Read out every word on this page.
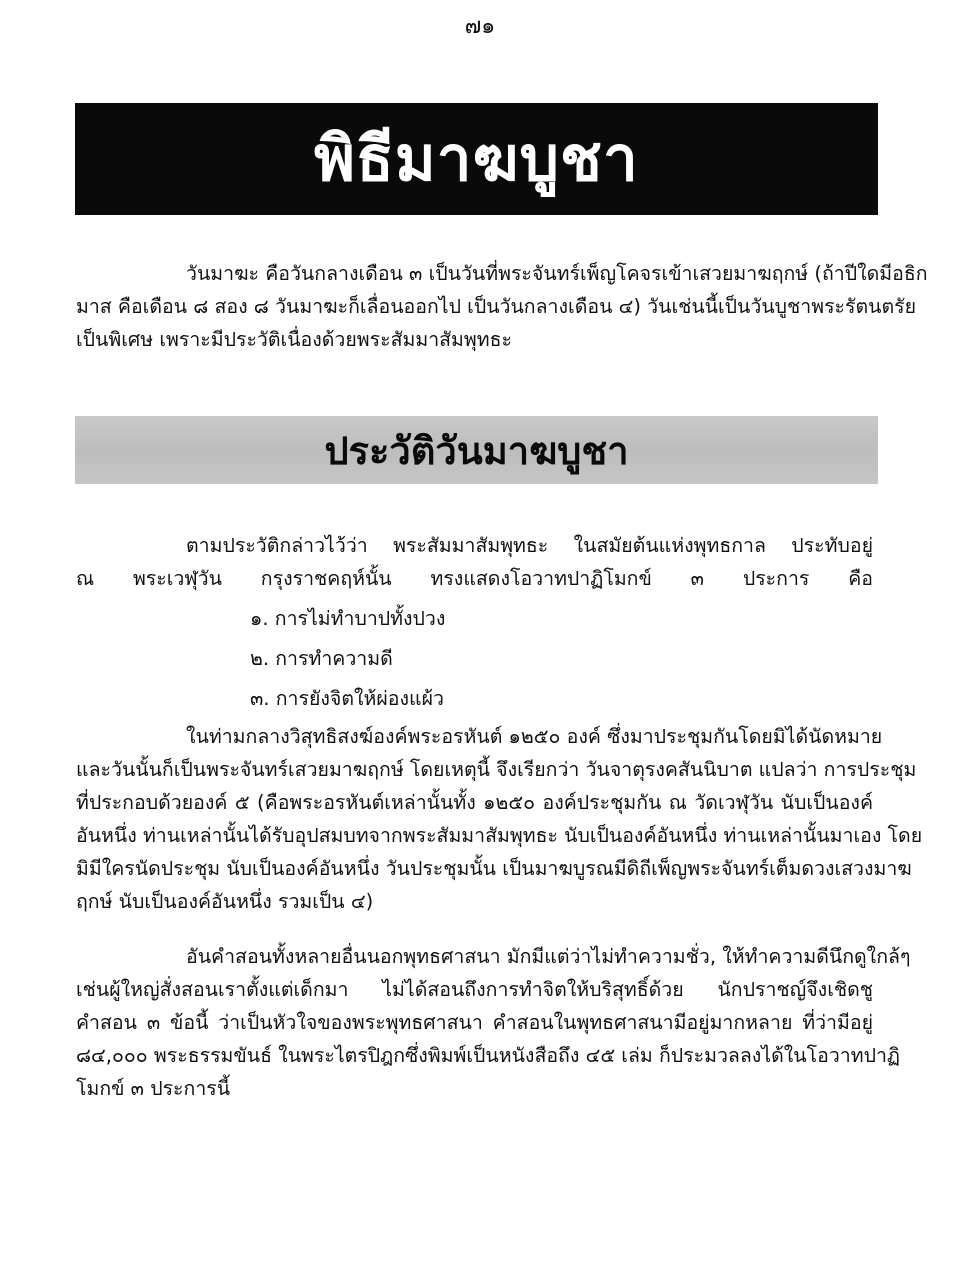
๗๑
พิธีมาฆบูชา
วันมาฆะ คือวันกลางเดือน ๓ เป็นวันที่พระจันทร์เพ็ญโคจรเข้าเสวยมาฆฤกษ์ (ถ้าปีใดมีอธิก
มาส คือเดือน ๘ สอง ๘ วันมาฆะก็เลื่อนออกไป เป็นวันกลางเดือน ๔) วันเช่นนี้เป็นวันบูชาพระรัตนตรัย
เป็นพิเศษ เพราะมีประวัติเนื่องด้วยพระสัมมาสัมพุทธะ
ประวัติวันมาฆบูชา
ตามประวัติกล่าวไว้ว่า พระสัมมาสัมพุทธะ ในสมัยต้นแห่งพุทธกาล ประทับอยู่
ณ พระเวฬุวัน กรุงราชคฤห์นั้น ทรงแสดงโอวาทปาฏิโมกข์ ๓ ประการ คือ
๑. การไม่ทำบาปทั้งปวง
๒. การทำความดี
๓. การยังจิตให้ผ่องแผ้ว
ในท่ามกลางวิสุทธิสงฆ์องค์พระอรหันต์ ๑๒๕๐ องค์ ซึ่งมาประชุมกันโดยมิได้นัดหมาย
และวันนั้นก็เป็นพระจันทร์เสวยมาฆฤกษ์ โดยเหตุนี้ จึงเรียกว่า วันจาตุรงคสันนิบาต แปลว่า การประชุม
ที่ประกอบด้วยองค์ ๕ (คือพระอรหันต์เหล่านั้นทั้ง ๑๒๕๐ องค์ประชุมกัน ณ วัดเวฬุวัน นับเป็นองค์
อันหนึ่ง ท่านเหล่านั้นได้รับอุปสมบทจากพระสัมมาสัมพุทธะ นับเป็นองค์อันหนึ่ง ท่านเหล่านั้นมาเอง โดย
มิมีใครนัดประชุม นับเป็นองค์อันหนึ่ง วันประชุมนั้น เป็นมาฆบูรณมีดิถีเพ็ญพระจันทร์เต็มดวงเสวงมาฆ
ฤกษ์ นับเป็นองค์อันหนึ่ง รวมเป็น ๔)
อันคำสอนทั้งหลายอื่นนอกพุทธศาสนา มักมีแต่ว่าไม่ทำความชั่ว, ให้ทำความดีนึกดูใกล้ๆ
เช่นผู้ใหญ่สั่งสอนเราตั้งแต่เด็กมา ไม่ได้สอนถึงการทำจิตให้บริสุทธิ์ด้วย นักปราชญ์จึงเชิดชู
คำสอน ๓ ข้อนี้ ว่าเป็นหัวใจของพระพุทธศาสนา คำสอนในพุทธศาสนามีอยู่มากหลาย ที่ว่ามีอยู่
๘๔,๐๐๐ พระธรรมขันธ์ ในพระไตรปิฎกซึ่งพิมพ์เป็นหนังสือถึง ๔๕ เล่ม ก็ประมวลลงได้ในโอวาทปาฏิ
โมกข์ ๓ ประการนี้
